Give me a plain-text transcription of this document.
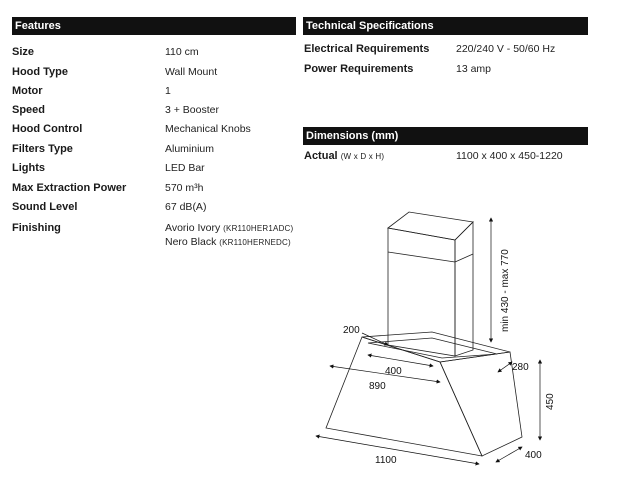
Features
Size	110 cm
Hood Type	Wall Mount
Motor	1
Speed	3 + Booster
Hood Control	Mechanical Knobs
Filters Type	Aluminium
Lights	LED Bar
Max Extraction Power	570 m³h
Sound Level	67 dB(A)
Finishing	Avorio Ivory (KR110HER1ADC)
Nero Black (KR110HERNEDC)
Technical Specifications
Electrical Requirements	220/240 V - 50/60 Hz
Power Requirements	13 amp
Dimensions (mm)
Actual (W x D x H)	1100 x 400 x 450-1220
min 430 - max 770
200
400
890
280
450
1100	400
